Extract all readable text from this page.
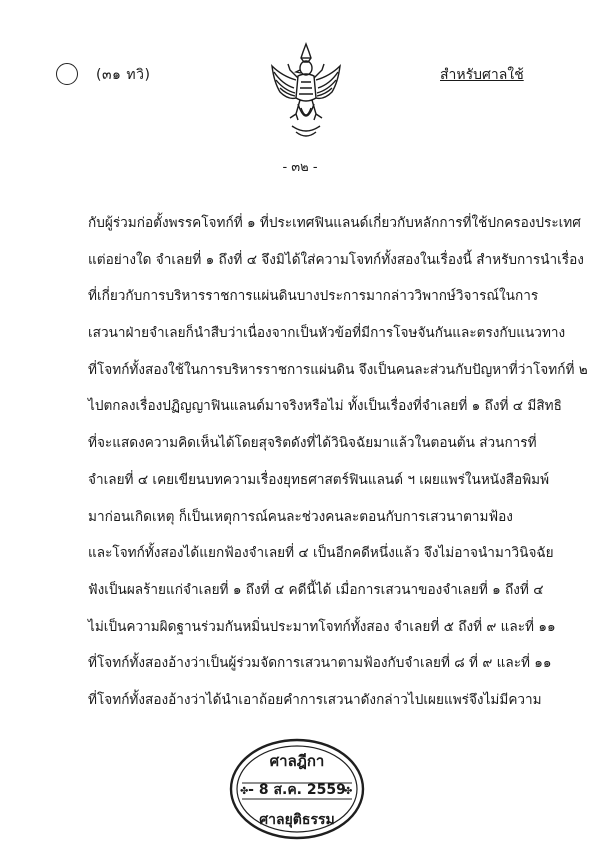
(๓๑ ทวิ)	สำหรับศาลใช้
- ๓๒ -
กับผู้ร่วมก่อตั้งพรรคโจทก์ที่ ๑ ที่ประเทศฟินแลนด์เกี่ยวกับหลักการที่ใช้ปกครองประเทศ
แต่อย่างใด จำเลยที่ ๑ ถึงที่ ๔ จึงมิได้ใส่ความโจทก์ทั้งสองในเรื่องนี้ สำหรับการนำเรื่อง
ที่เกี่ยวกับการบริหารราชการแผ่นดินบางประการมากล่าววิพากษ์วิจารณ์ในการ
เสวนาฝ่ายจำเลยก็นำสืบว่าเนื่องจากเป็นหัวข้อที่มีการโจษจันกันและตรงกับแนวทาง
ที่โจทก์ทั้งสองใช้ในการบริหารราชการแผ่นดิน จึงเป็นคนละส่วนกับปัญหาที่ว่าโจทก์ที่ ๒
ไปตกลงเรื่องปฏิญญาฟินแลนด์มาจริงหรือไม่ ทั้งเป็นเรื่องที่จำเลยที่ ๑ ถึงที่ ๔ มีสิทธิ
ที่จะแสดงความคิดเห็นได้โดยสุจริตดังที่ได้วินิจฉัยมาแล้วในตอนต้น ส่วนการที่
จำเลยที่ ๔ เคยเขียนบทความเรื่องยุทธศาสตร์ฟินแลนด์ ฯ เผยแพร่ในหนังสือพิมพ์
มาก่อนเกิดเหตุ ก็เป็นเหตุการณ์คนละช่วงคนละตอนกับการเสวนาตามฟ้อง
และโจทก์ทั้งสองได้แยกฟ้องจำเลยที่ ๔ เป็นอีกคดีหนึ่งแล้ว จึงไม่อาจนำมาวินิจฉัย
ฟังเป็นผลร้ายแก่จำเลยที่ ๑ ถึงที่ ๔ คดีนี้ได้ เมื่อการเสวนาของจำเลยที่ ๑ ถึงที่ ๔
ไม่เป็นความผิดฐานร่วมกันหมิ่นประมาทโจทก์ทั้งสอง จำเลยที่ ๕ ถึงที่ ๙ และที่ ๑๑
ที่โจทก์ทั้งสองอ้างว่าเป็นผู้ร่วมจัดการเสวนาตามฟ้องกับจำเลยที่ ๘ ที่ ๙ และที่ ๑๑
ที่โจทก์ทั้งสองอ้างว่าได้นำเอาถ้อยคำการเสวนาดังกล่าวไปเผยแพร่จึงไม่มีความ
✤	✤
ศาลฎีกา
- 8 ส.ค. 2559
ศาลยุติธรรม
